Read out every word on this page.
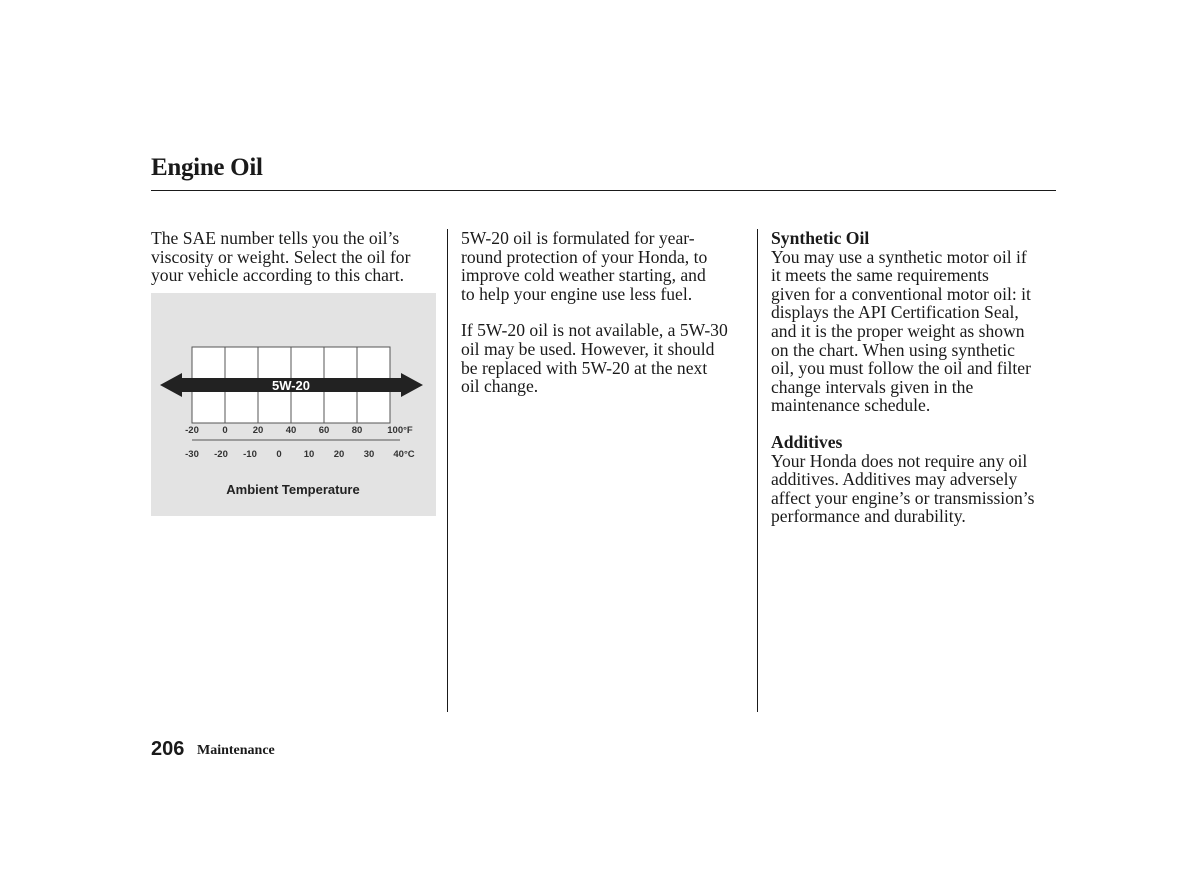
Engine Oil

The SAE number tells you the oil’s

viscosity or weight. Select the oil for

your vehicle according to this chart.

5W-20
-20 0	20 40 60 80	100°F
-30 -20 -10 0 10 20 30 40°C
Ambient Temperature

5W-20 oil is formulated for year-

round protection of your Honda, to

improve cold weather starting, and

to help your engine use less fuel.

If 5W-20 oil is not available, a 5W-30

oil may be used. However, it should

be replaced with 5W-20 at the next

oil change.

Synthetic Oil

You may use a synthetic motor oil if

it meets the same requirements

given for a conventional motor oil: it

displays the API Certification Seal,

and it is the proper weight as shown

on the chart. When using synthetic

oil, you must follow the oil and filter

change intervals given in the

maintenance schedule.

Additives

Your Honda does not require any oil

additives. Additives may adversely

affect your engine’s or transmission’s

performance and durability.

206 Maintenance
